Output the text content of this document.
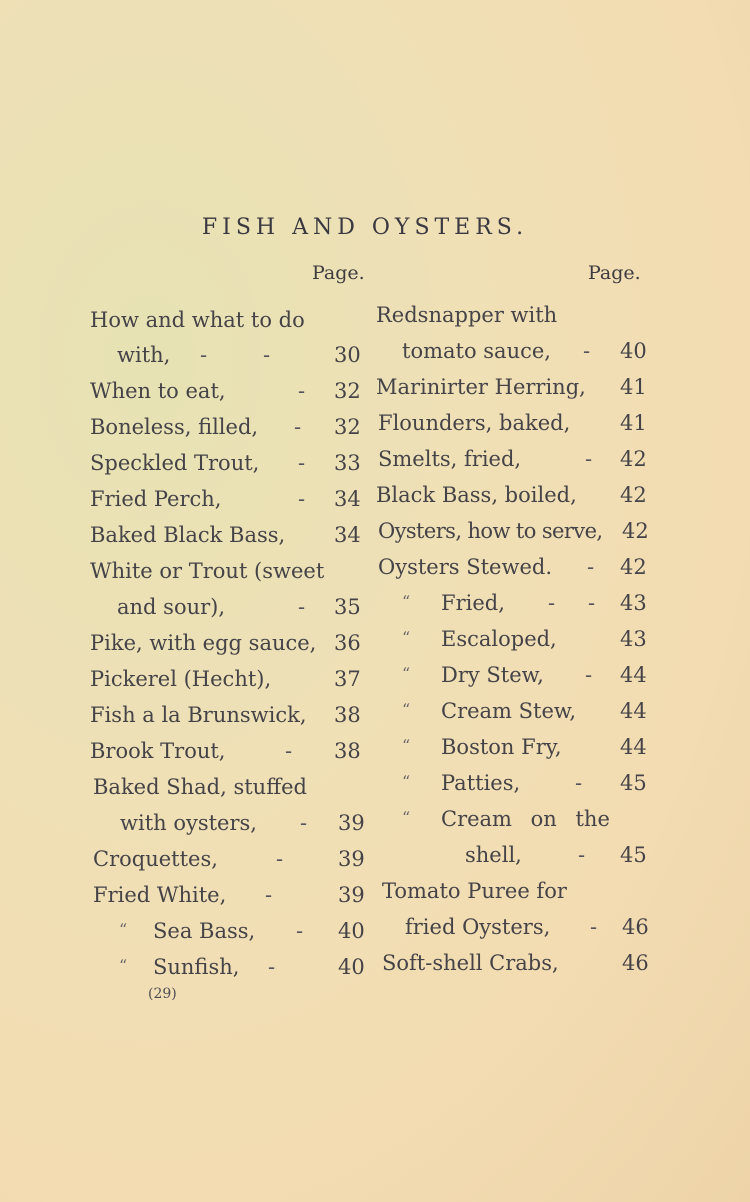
FISH AND OYSTERS.
Page.	Page.
How and what to do
with, -	-	30
When to eat,	- 32
Boneless, filled, - 32
Speckled Trout, - 33
Fried Perch,	- 34
Baked Black Bass, 34
White or Trout (sweet
and sour),	- 35
Pike, with egg sauce, 36
Pickerel (Hecht),	37
Fish a la Brunswick, 38
Brook Trout,	- 38
Baked Shad, stuffed
with oysters, - 39
Croquettes,	-	39
Fried White, -	39
“ Sea Bass, - 40
“ Sunfish, -	40
Redsnapper with
tomato sauce, - 40
Marinirter Herring, 41
Flounders, baked, 41
Smelts, fried,	- 42
Black Bass, boiled, 42
Oysters, how to serve, 42
Oysters Stewed. - 42
“ Fried, - - 43
“ Escaloped,	43
“ Dry Stew, - 44
“ Cream Stew, 44
“ Boston Fry,	44
“ Patties,	- 45
“ Cream on the
shell,	- 45
Tomato Puree for
fried Oysters, - 46
Soft-shell Crabs,	46
(29)
